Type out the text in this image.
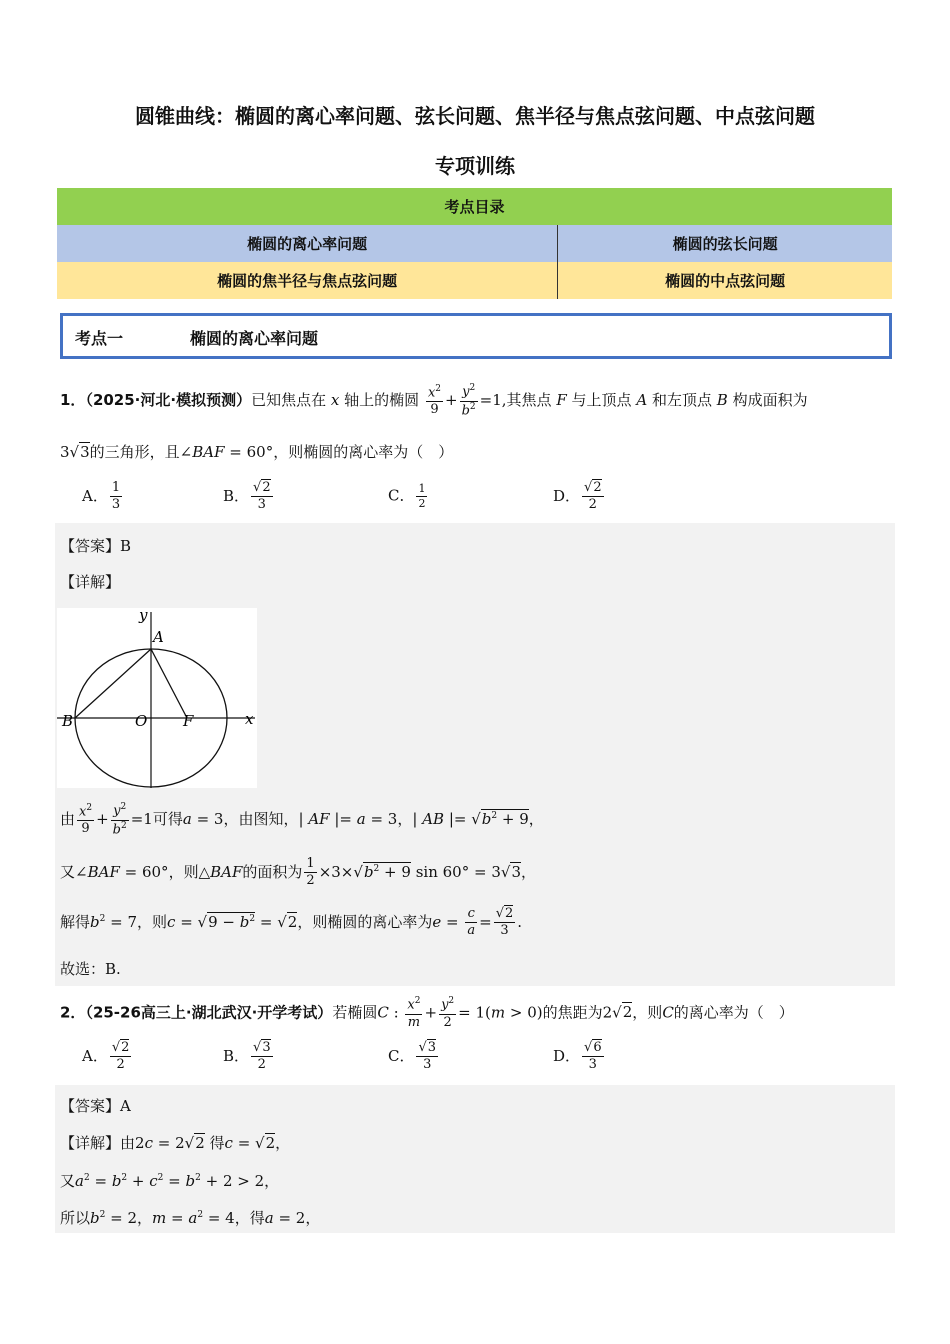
圆锥曲线：椭圆的离心率问题、弦长问题、焦半径与焦点弦问题、中点弦问题
专项训练
考点目录	
椭圆的离心率问题	椭圆的弦长问题
椭圆的焦半径与焦点弦问题	椭圆的中点弦问题
考点一	椭圆的离心率问题
1．（2025·河北·模拟预测）已知焦点在 x 轴上的椭圆 $\frac{x^2}{9} + \frac{y^2}{b^2} =1$,其焦点 F 与上顶点 A 和左顶点 B 构成面积为
3√3的三角形，且∠BAF = 60°，则椭圆的离心率为（　）
A． $\frac{1}{3}$	B． $\frac{√2}{3}$	C． $\frac{1}{2}$	D． $\frac{√2}{2}$
【答案】B
【详解】
y
x
A
B	O F
由 $\frac{x^2}{9} + \frac{y^2}{b^2} =1$可得a = 3，由图知，| AF |= a = 3，| AB |= $√b^2 + 9$，
又∠BAF = 60°，则△BAF的面积为 $\frac{1}{2} \times 3\times√b^2 + 9$ sin 60° = 3√3，
解得$b^2 = 7$，则$c = √9 - b^2 = √2$，则椭圆的离心率为$e = \frac{c}{a} = \frac{√2}{3}$ .
故选：B.
2．（25-26高三上·湖北武汉·开学考试）若椭圆C : $\frac{x^2}{m} + \frac{y^2}{2} = 1(m > 0)$的焦距为2√2，则C的离心率为（　）
A． $\frac{√2}{2}$	B． $\frac{√3}{2}$	C． $\frac{√3}{3}$	D． $\frac{√6}{3}$
【答案】A
【详解】由2c = 2√2 得c = √2，
又$a^2 = b^2 + c^2 = b^2 + 2 > 2$，
所以$b^2 = 2$，$m = a^2 = 4$，得a = 2，
